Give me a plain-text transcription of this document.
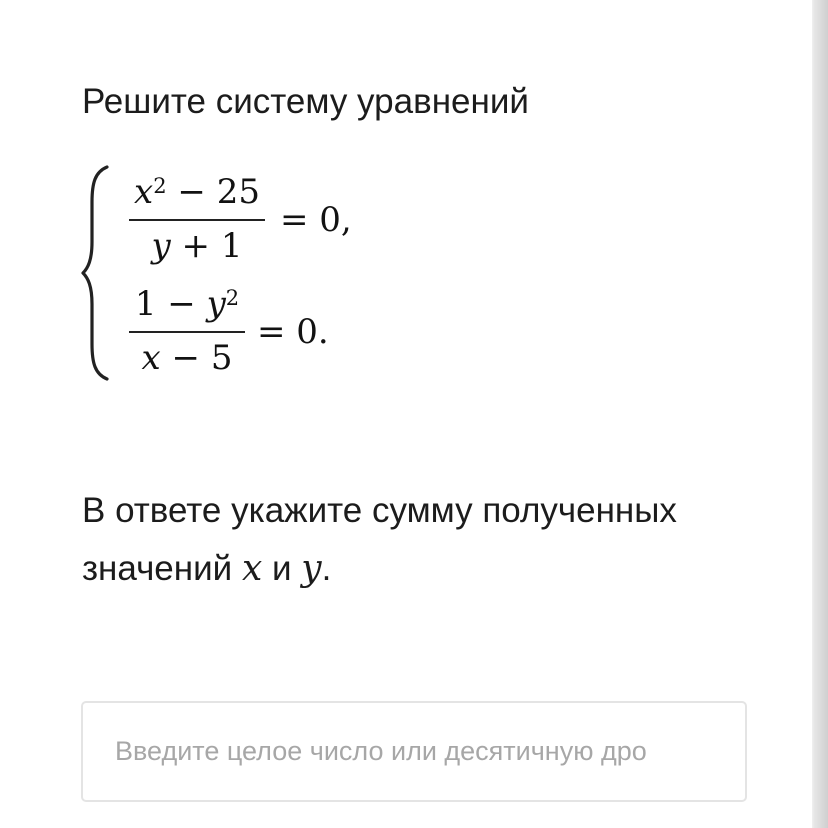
Решите систему уравнений
$x^2 - 25$
y + 1
= 0,
$1 - y^2$
x − 5
= 0.

В ответе укажите сумму полученных значений x и y.

Введите целое число или десятичную дро
